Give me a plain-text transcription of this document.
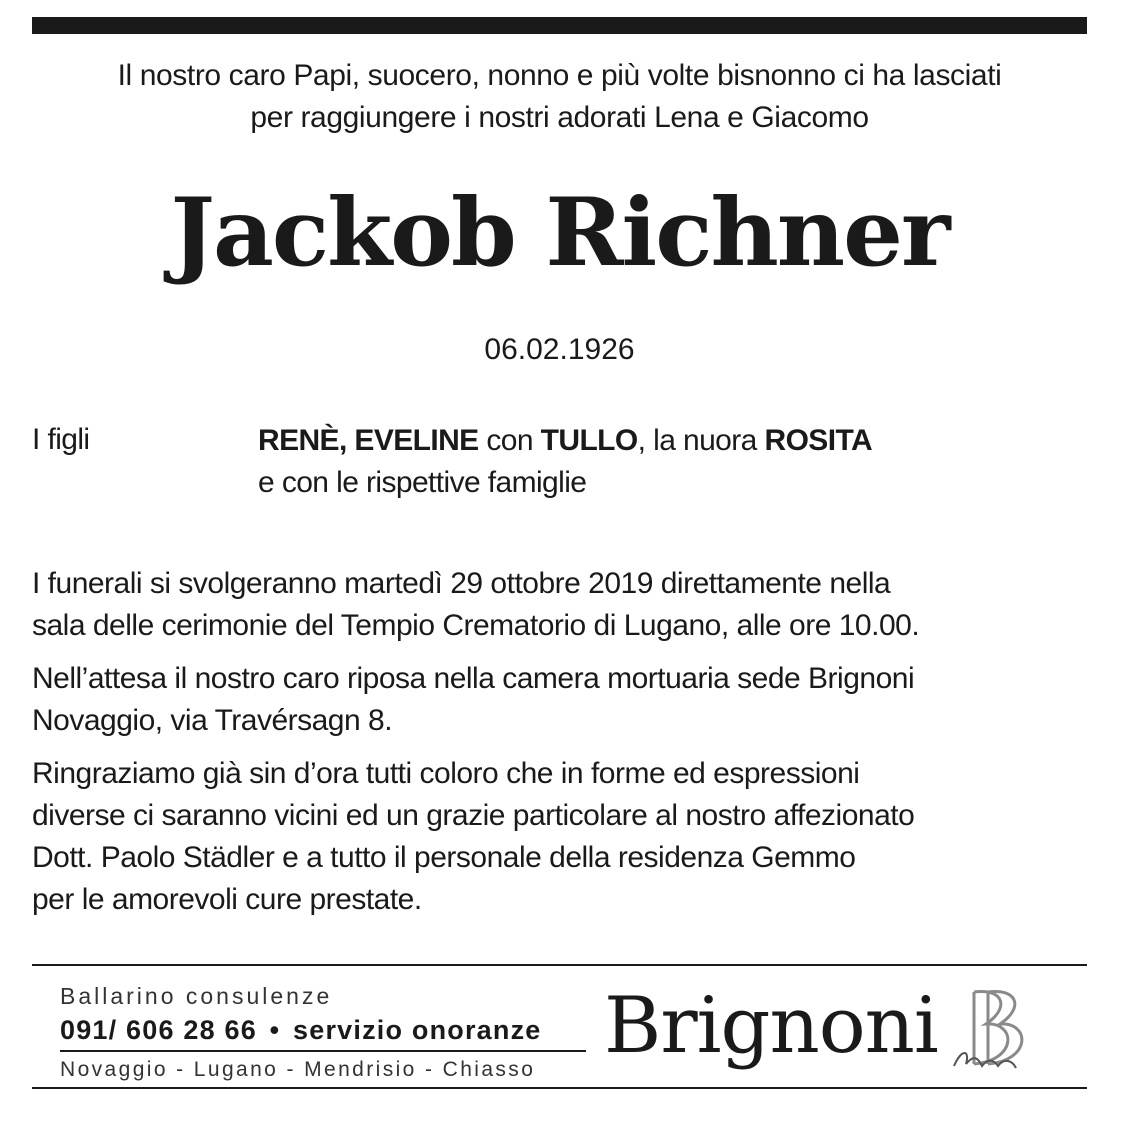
Il nostro caro Papi, suocero, nonno e più volte bisnonno ci ha lasciati
per raggiungere i nostri adorati Lena e Giacomo
Jackob Richner
06.02.1926
I figli	RENÈ, EVELINE con TULLO, la nuora ROSITA
e con le rispettive famiglie

I funerali si svolgeranno martedì 29 ottobre 2019 direttamente nella
sala delle cerimonie del Tempio Crematorio di Lugano, alle ore 10.00.

Nell’attesa il nostro caro riposa nella camera mortuaria sede Brignoni
Novaggio, via Travérsagn 8.

Ringraziamo già sin d’ora tutti coloro che in forme ed espressioni
diverse ci saranno vicini ed un grazie particolare al nostro affezionato
Dott. Paolo Städler e a tutto il personale della residenza Gemmo
per le amorevoli cure prestate.

Ballarino consulenze
091/ 606 28 66 • servizio onoranze
Novaggio - Lugano - Mendrisio - Chiasso Brignoni
